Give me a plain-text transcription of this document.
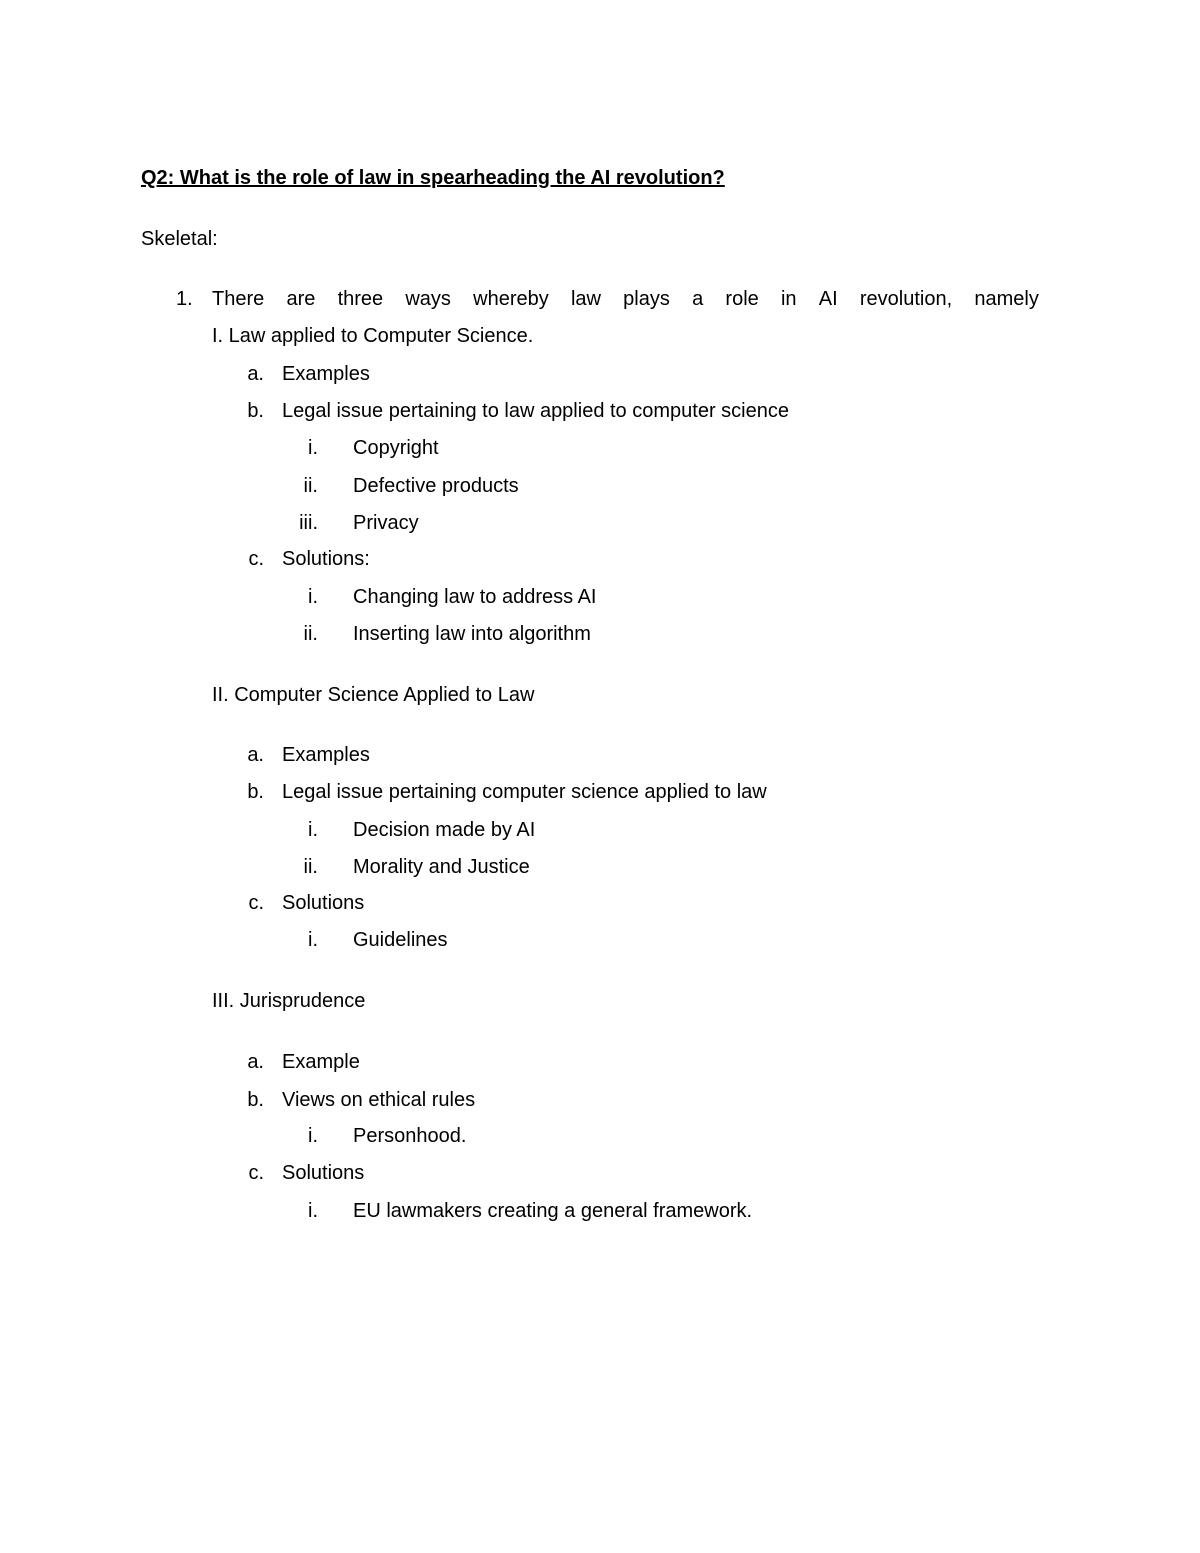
Q2: What is the role of law in spearheading the AI revolution?
Skeletal:
1. There are three ways whereby law plays a role in AI revolution, namely
I. Law applied to Computer Science.
a. Examples
b. Legal issue pertaining to law applied to computer science
i. Copyright
ii. Defective products
iii. Privacy
c. Solutions:
i. Changing law to address AI
ii. Inserting law into algorithm
II. Computer Science Applied to Law
a. Examples
b. Legal issue pertaining computer science applied to law
i. Decision made by AI
ii. Morality and Justice
c. Solutions
i. Guidelines
III. Jurisprudence
a. Example
b. Views on ethical rules
i. Personhood.
c. Solutions
i. EU lawmakers creating a general framework.
